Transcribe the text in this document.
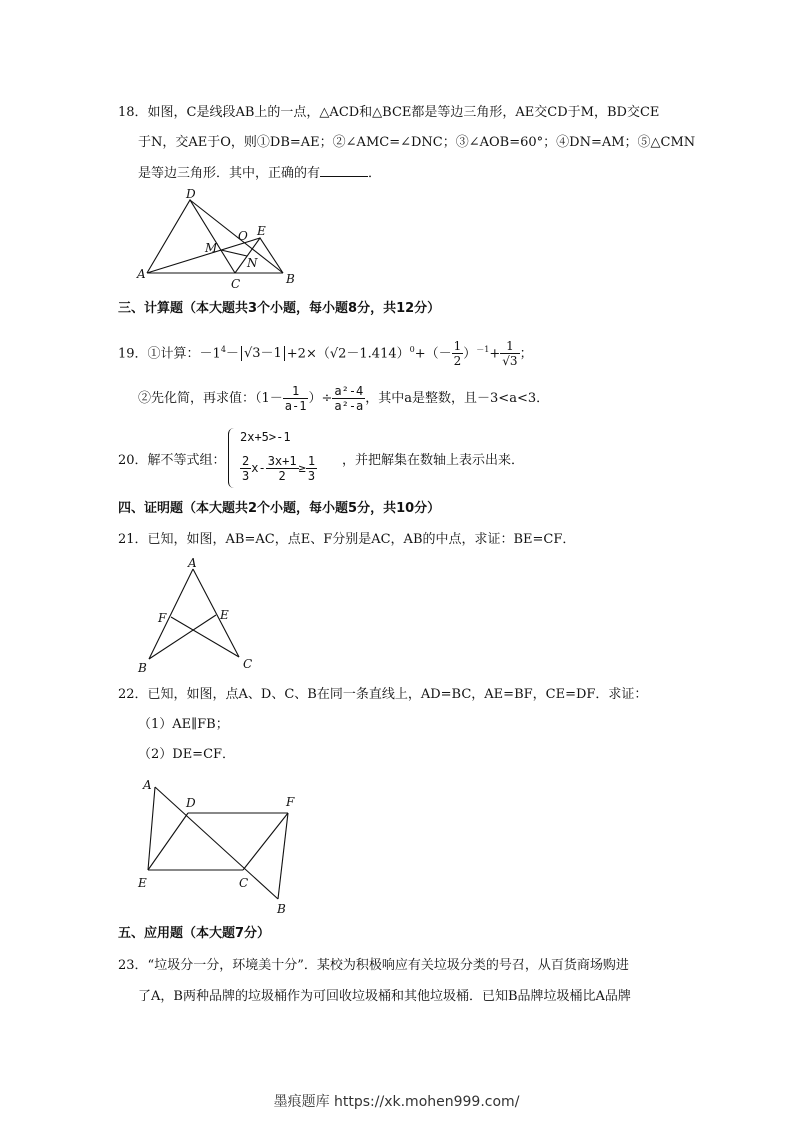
18．如图，C是线段AB上的一点，△ACD和△BCE都是等边三角形，AE交CD于M，BD交CE
于N，交AE于O，则①DB=AE；②∠AMC=∠DNC；③∠AOB=60°；④DN=AM；⑤△CMN
是等边三角形．其中，正确的有	．
D
M
O E
N
A
C	B
三、计算题（本大题共3个小题，每小题8分，共12分）
19．①计算：$-1^4- √3-1 +2\times(√2-1.414)^0+(- \frac{1}{2} )^{-1}+ \frac{1}{√3}$ ；
②先化简，再求值：（$1- \frac{1}{a-1}$ ）÷ $\frac{\text{a²-4}}{\text{a²-a}}$ ，其中a是整数，且－3<a<3．
20．解不等式组：
2x+5>-1
$\frac{2}{3} x- \frac{3x+1}{2} \ge \frac{1}{3}$ ，并把解集在数轴上表示出来．
四、证明题（本大题共2个小题，每小题5分，共10分）
21．已知，如图，AB=AC，点E、F分别是AC，AB的中点，求证：BE=CF．
A
F	E
B	C
22．已知，如图，点A、D、C、B在同一条直线上，AD=BC，AE=BF，CE=DF．求证：
（1）AE∥FB；
（2）DE=CF．
A
D	F
E	C
B
五、应用题（本大题7分）
23．“垃圾分一分，环境美十分”．某校为积极响应有关垃圾分类的号召，从百货商场购进
了A，B两种品牌的垃圾桶作为可回收垃圾桶和其他垃圾桶．已知B品牌垃圾桶比A品牌
墨痕题库 https://xk.mohen999.com/
